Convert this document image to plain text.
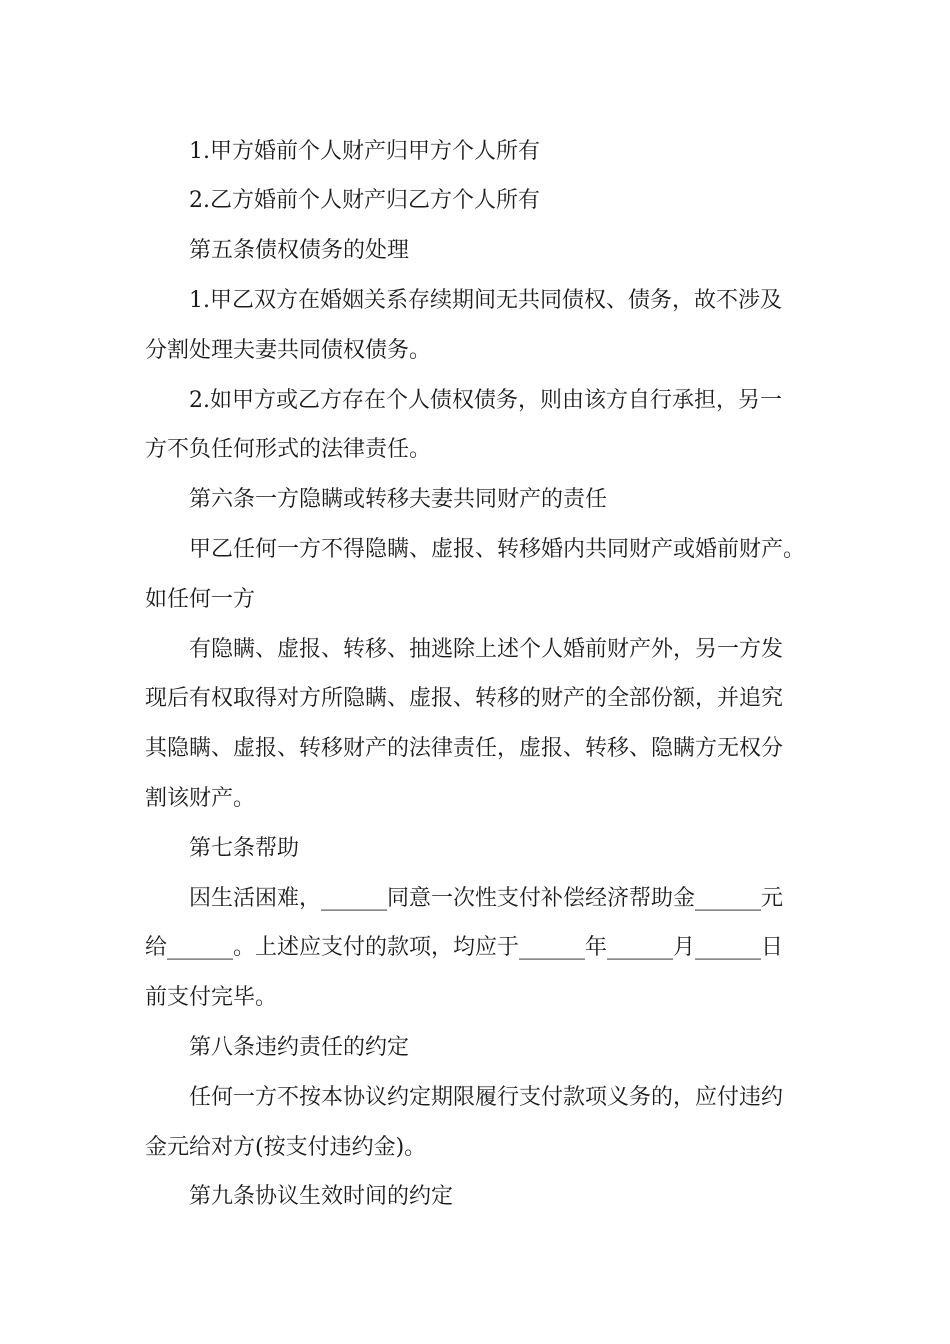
1.甲方婚前个人财产归甲方个人所有
2.乙方婚前个人财产归乙方个人所有
第五条债权债务的处理
1.甲乙双方在婚姻关系存续期间无共同债权、债务，故不涉及
分割处理夫妻共同债权债务。
2.如甲方或乙方存在个人债权债务，则由该方自行承担，另一
方不负任何形式的法律责任。
第六条一方隐瞒或转移夫妻共同财产的责任
甲乙任何一方不得隐瞒、虚报、转移婚内共同财产或婚前财产。
如任何一方
有隐瞒、虚报、转移、抽逃除上述个人婚前财产外，另一方发
现后有权取得对方所隐瞒、虚报、转移的财产的全部份额，并追究
其隐瞒、虚报、转移财产的法律责任，虚报、转移、隐瞒方无权分
割该财产。
第七条帮助
因生活困难，______同意一次性支付补偿经济帮助金______元
给______。上述应支付的款项，均应于______年______月______日
前支付完毕。
第八条违约责任的约定
任何一方不按本协议约定期限履行支付款项义务的，应付违约
金元给对方(按支付违约金)。
第九条协议生效时间的约定
